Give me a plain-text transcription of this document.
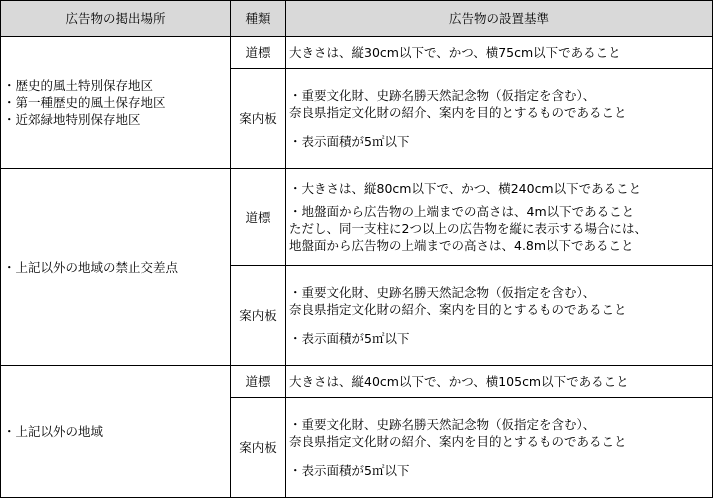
広告物の掲出場所	種類	広告物の設置基準

・歴史的風土特別保存地区
・第一種歴史的風土保存地区
・近郊緑地特別保存地区	道標	大きさは、縦30cm以下で、かつ、横75cm以下であること

	案内板	・重要文化財、史跡名勝天然記念物（仮指定を含む）、
奈良県指定文化財の紹介、案内を目的とするものであること
・表示面積が5㎡以下

・上記以外の地域の禁止交差点	道標	・大きさは、縦80cm以下で、かつ、横240cm以下であること
・地盤面から広告物の上端までの高さは、4m以下であること
ただし、同一支柱に2つ以上の広告物を縦に表示する場合には、
地盤面から広告物の上端までの高さは、4.8m以下であること

	案内板	・重要文化財、史跡名勝天然記念物（仮指定を含む）、
奈良県指定文化財の紹介、案内を目的とするものであること
・表示面積が5㎡以下

・上記以外の地域	道標	大きさは、縦40cm以下で、かつ、横105cm以下であること

	案内板	・重要文化財、史跡名勝天然記念物（仮指定を含む）、
奈良県指定文化財の紹介、案内を目的とするものであること
・表示面積が5㎡以下
